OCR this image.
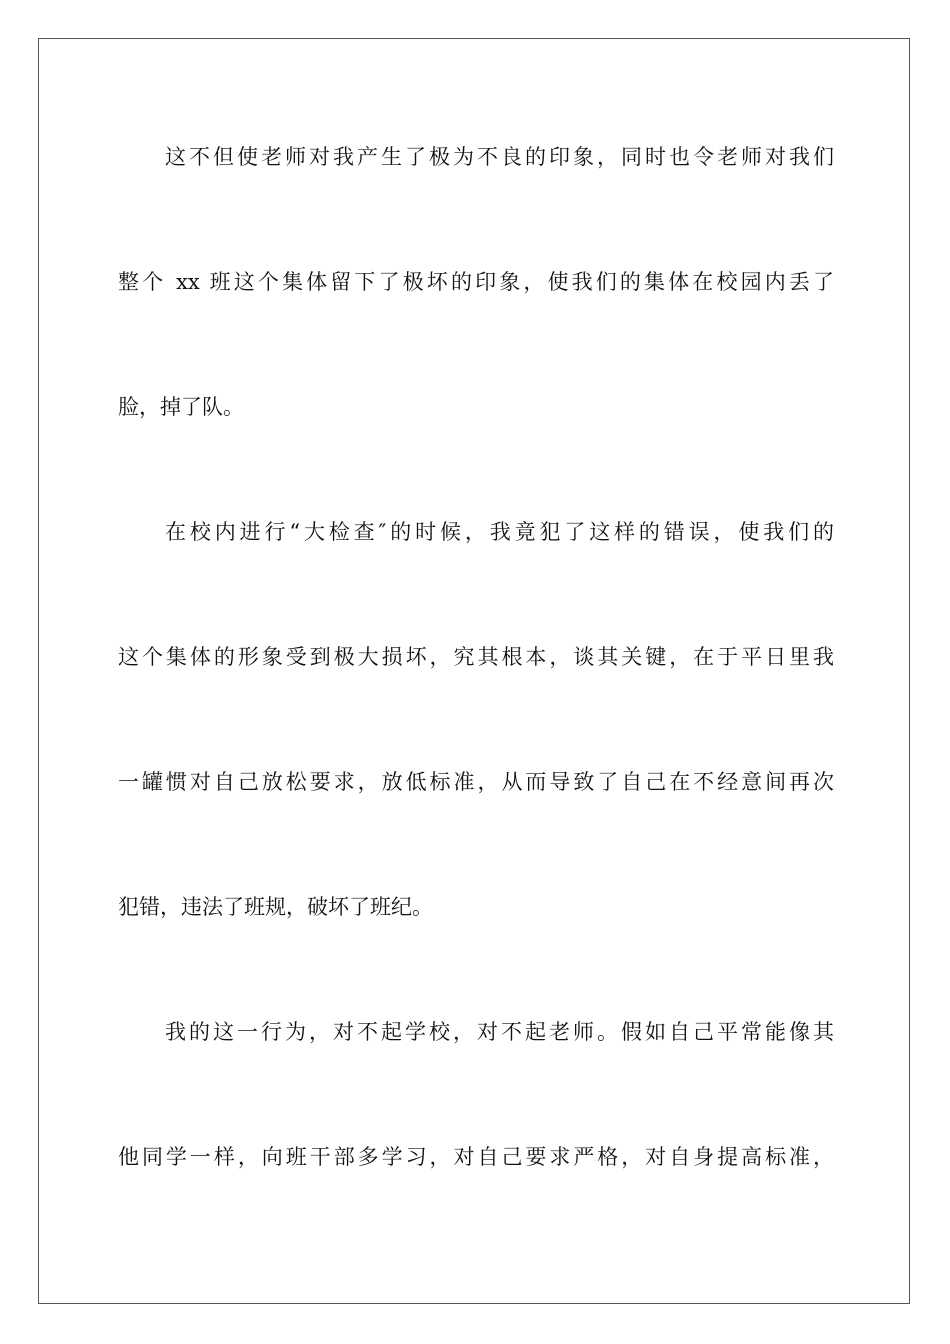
这不但使老师对我产生了极为不良的印象，同时也令老师对我们

整个 xx 班这个集体留下了极坏的印象，使我们的集体在校园内丢了

脸，掉了队。

在校内进行“大检查″的时候，我竟犯了这样的错误，使我们的

这个集体的形象受到极大损坏，究其根本，谈其关键，在于平日里我

一罐惯对自己放松要求，放低标准，从而导致了自己在不经意间再次

犯错，违法了班规，破坏了班纪。

我的这一行为，对不起学校，对不起老师。假如自己平常能像其

他同学一样，向班干部多学习，对自己要求严格，对自身提高标准，
